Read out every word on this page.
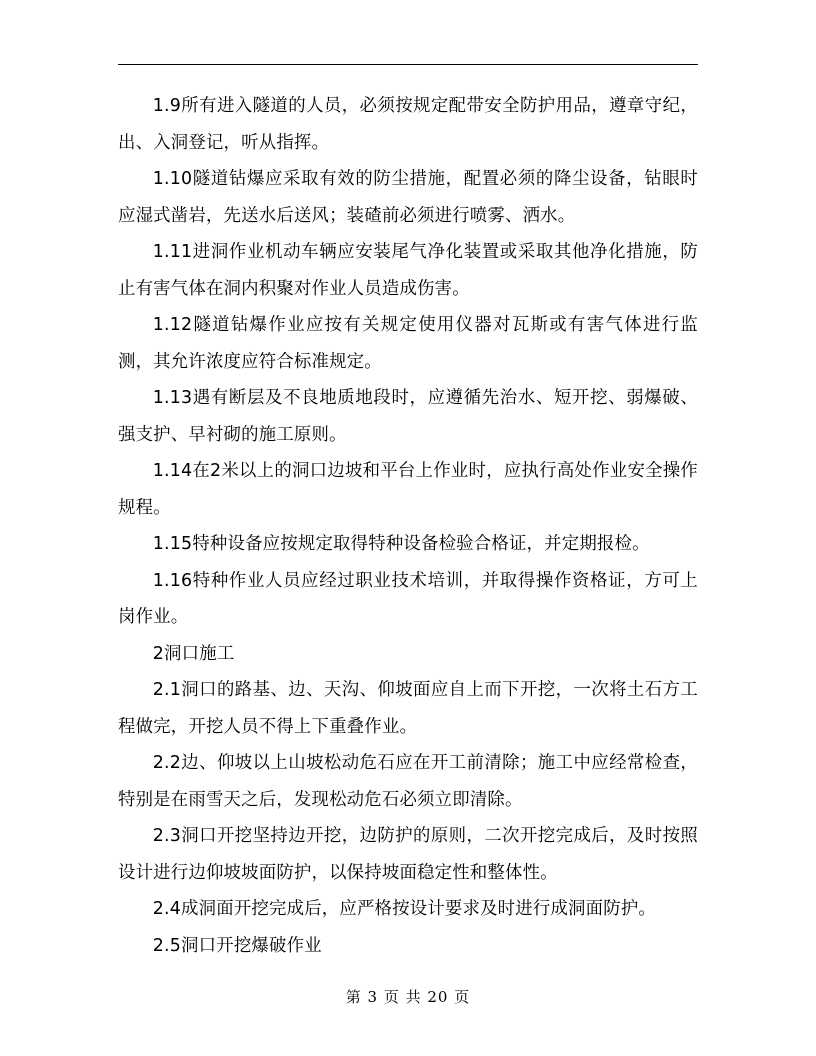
1.9所有进入隧道的人员，必须按规定配带安全防护用品，遵章守纪，出、入洞登记，听从指挥。

1.10隧道钻爆应采取有效的防尘措施，配置必须的降尘设备，钻眼时应湿式凿岩，先送水后送风；装碴前必须进行喷雾、洒水。

1.11进洞作业机动车辆应安装尾气净化装置或采取其他净化措施，防止有害气体在洞内积聚对作业人员造成伤害。

1.12隧道钻爆作业应按有关规定使用仪器对瓦斯或有害气体进行监测，其允许浓度应符合标准规定。

1.13遇有断层及不良地质地段时，应遵循先治水、短开挖、弱爆破、强支护、早衬砌的施工原则。

1.14在2米以上的洞口边坡和平台上作业时，应执行高处作业安全操作规程。

1.15特种设备应按规定取得特种设备检验合格证，并定期报检。

1.16特种作业人员应经过职业技术培训，并取得操作资格证，方可上岗作业。

2洞口施工

2.1洞口的路基、边、天沟、仰坡面应自上而下开挖，一次将土石方工程做完，开挖人员不得上下重叠作业。

2.2边、仰坡以上山坡松动危石应在开工前清除；施工中应经常检查，特别是在雨雪天之后，发现松动危石必须立即清除。

2.3洞口开挖坚持边开挖，边防护的原则，二次开挖完成后，及时按照设计进行边仰坡坡面防护，以保持坡面稳定性和整体性。

2.4成洞面开挖完成后，应严格按设计要求及时进行成洞面防护。

2.5洞口开挖爆破作业

第 3 页 共 20 页
